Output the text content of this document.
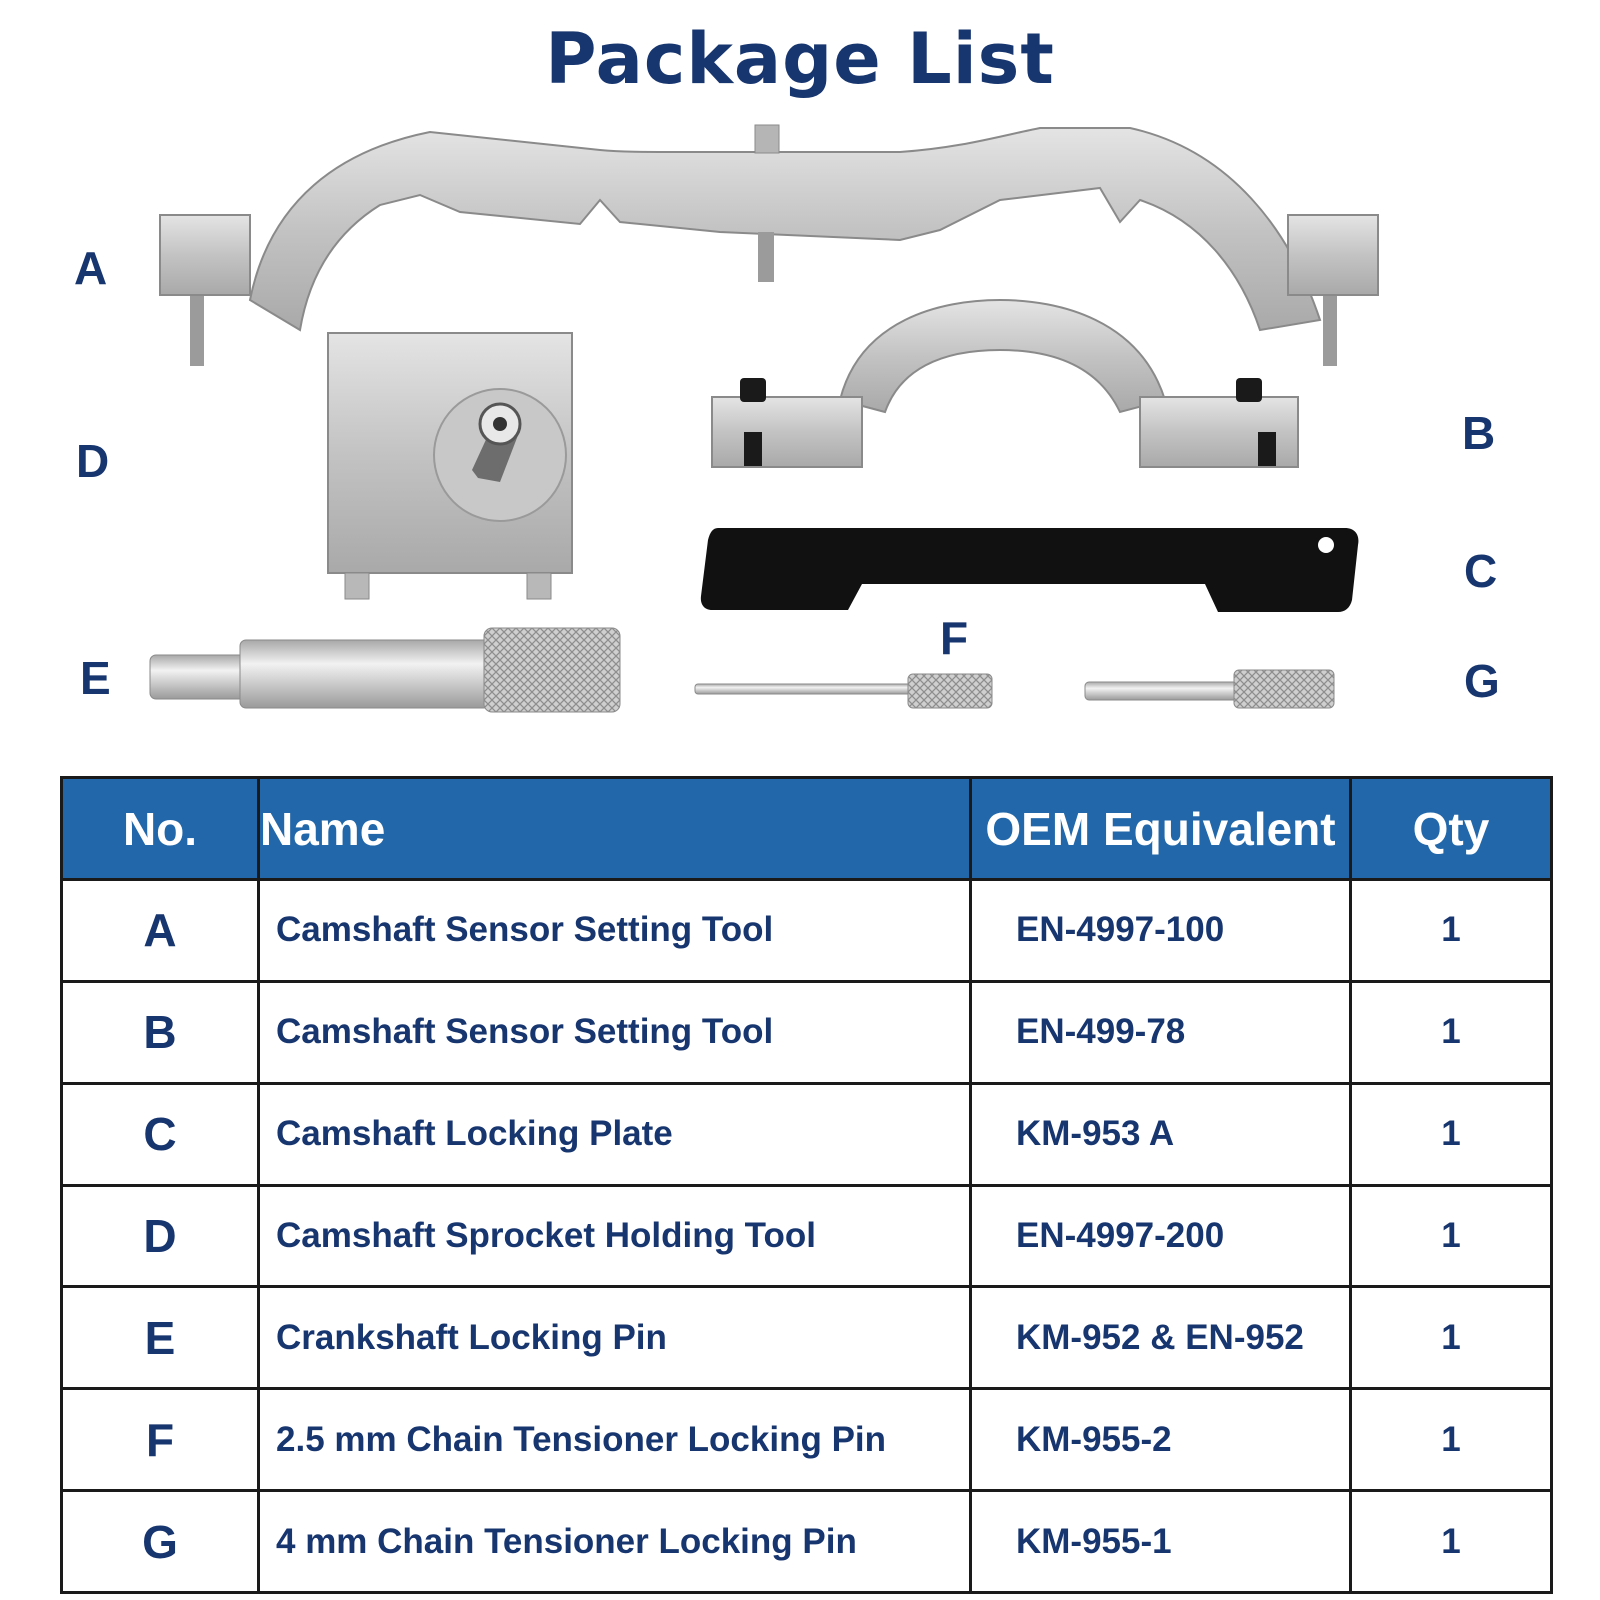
Package List
A
B
C
D
E
F
G
No.	Name	OEM Equivalent	Qty
A	Camshaft Sensor Setting Tool	EN-4997-100	1
B	Camshaft Sensor Setting Tool	EN-499-78	1
C	Camshaft Locking Plate	KM-953 A	1
D	Camshaft Sprocket Holding Tool	EN-4997-200	1
E	Crankshaft Locking Pin	KM-952 & EN-952	1
F	2.5 mm Chain Tensioner Locking Pin	KM-955-2	1
G	4 mm Chain Tensioner Locking Pin	KM-955-1	1
